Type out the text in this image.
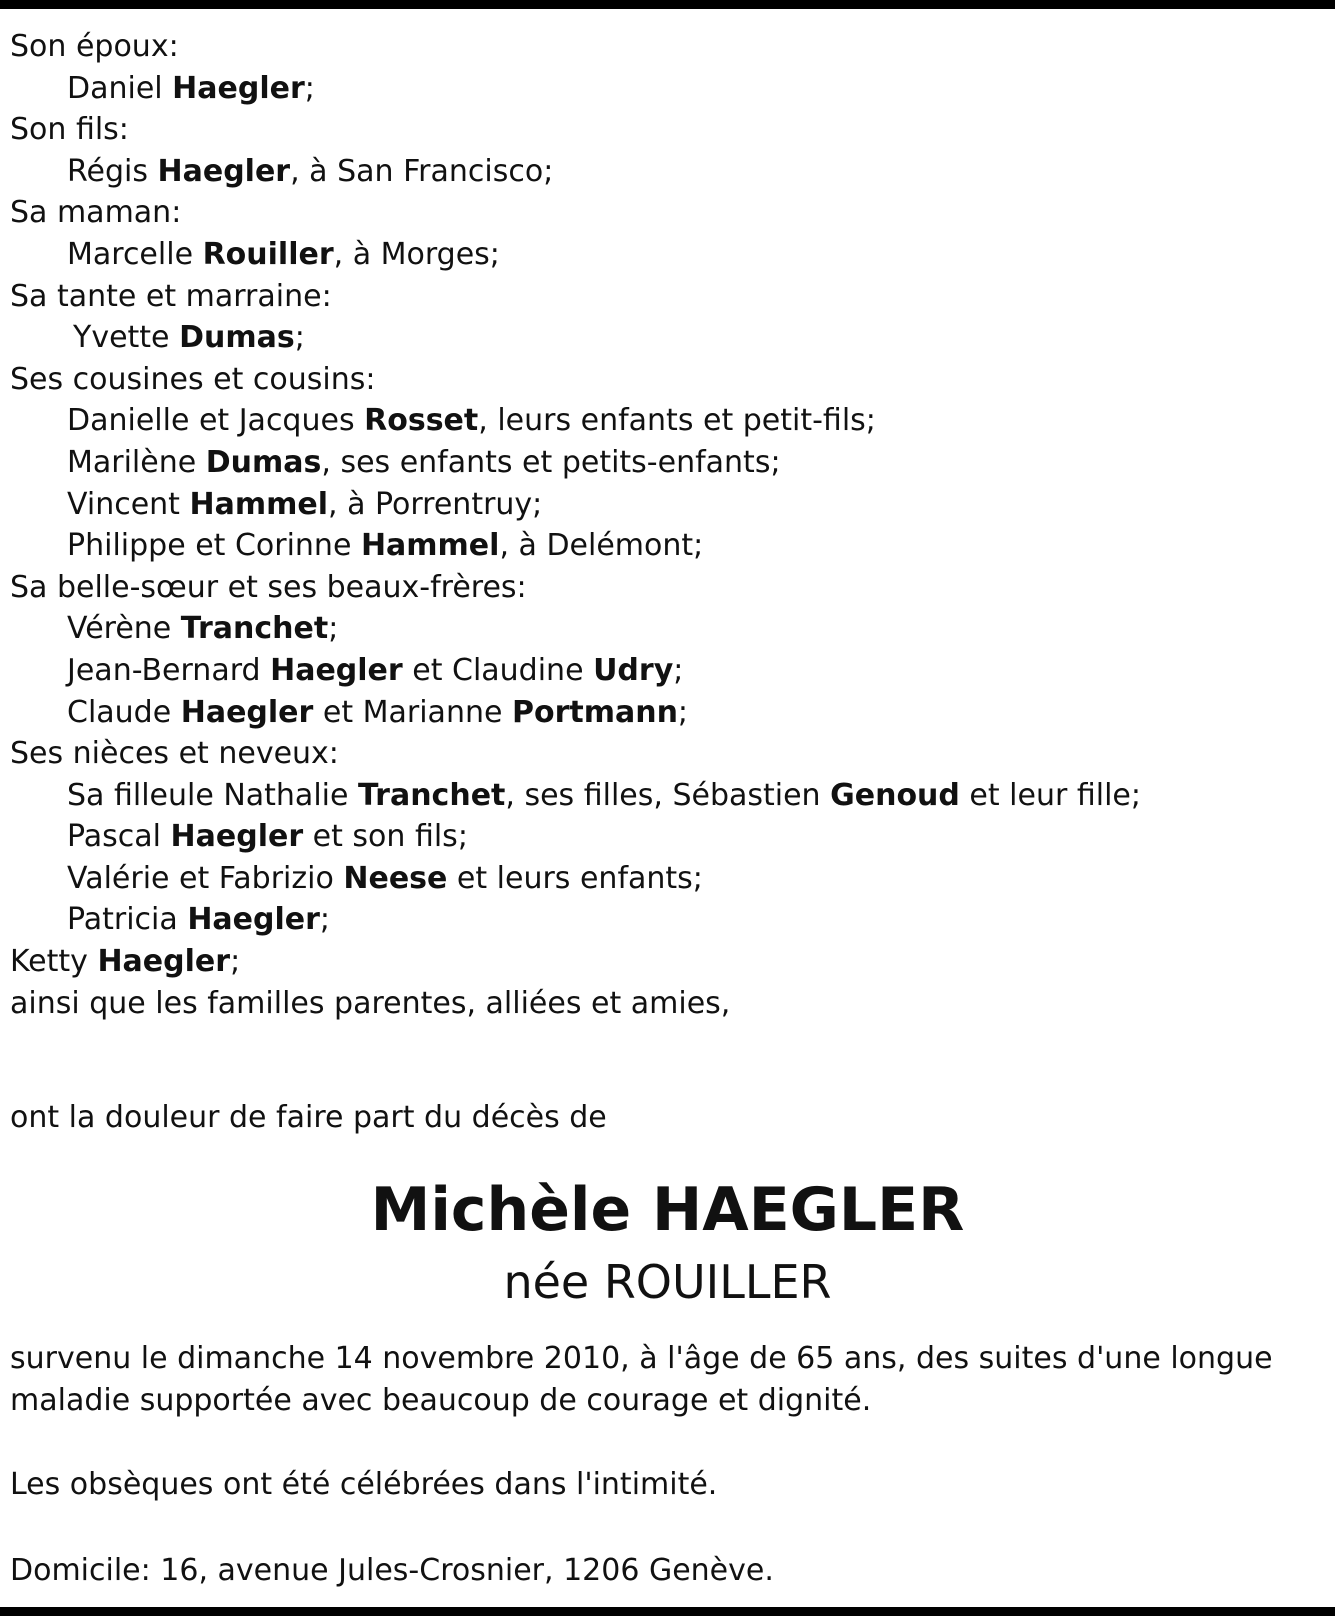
Son époux:
Daniel Haegler;
Son fils:
Régis Haegler, à San Francisco;
Sa maman:
Marcelle Rouiller, à Morges;
Sa tante et marraine:
Yvette Dumas;
Ses cousines et cousins:
Danielle et Jacques Rosset, leurs enfants et petit-fils;
Marilène Dumas, ses enfants et petits-enfants;
Vincent Hammel, à Porrentruy;
Philippe et Corinne Hammel, à Delémont;
Sa belle-sœur et ses beaux-frères:
Vérène Tranchet;
Jean-Bernard Haegler et Claudine Udry;
Claude Haegler et Marianne Portmann;
Ses nièces et neveux:
Sa filleule Nathalie Tranchet, ses filles, Sébastien Genoud et leur fille;
Pascal Haegler et son fils;
Valérie et Fabrizio Neese et leurs enfants;
Patricia Haegler;
Ketty Haegler;
ainsi que les familles parentes, alliées et amies,
ont la douleur de faire part du décès de
Michèle HAEGLER
née ROUILLER
survenu le dimanche 14 novembre 2010, à l'âge de 65 ans, des suites d'une longue
maladie supportée avec beaucoup de courage et dignité.
Les obsèques ont été célébrées dans l'intimité.
Domicile: 16, avenue Jules-Crosnier, 1206 Genève.
